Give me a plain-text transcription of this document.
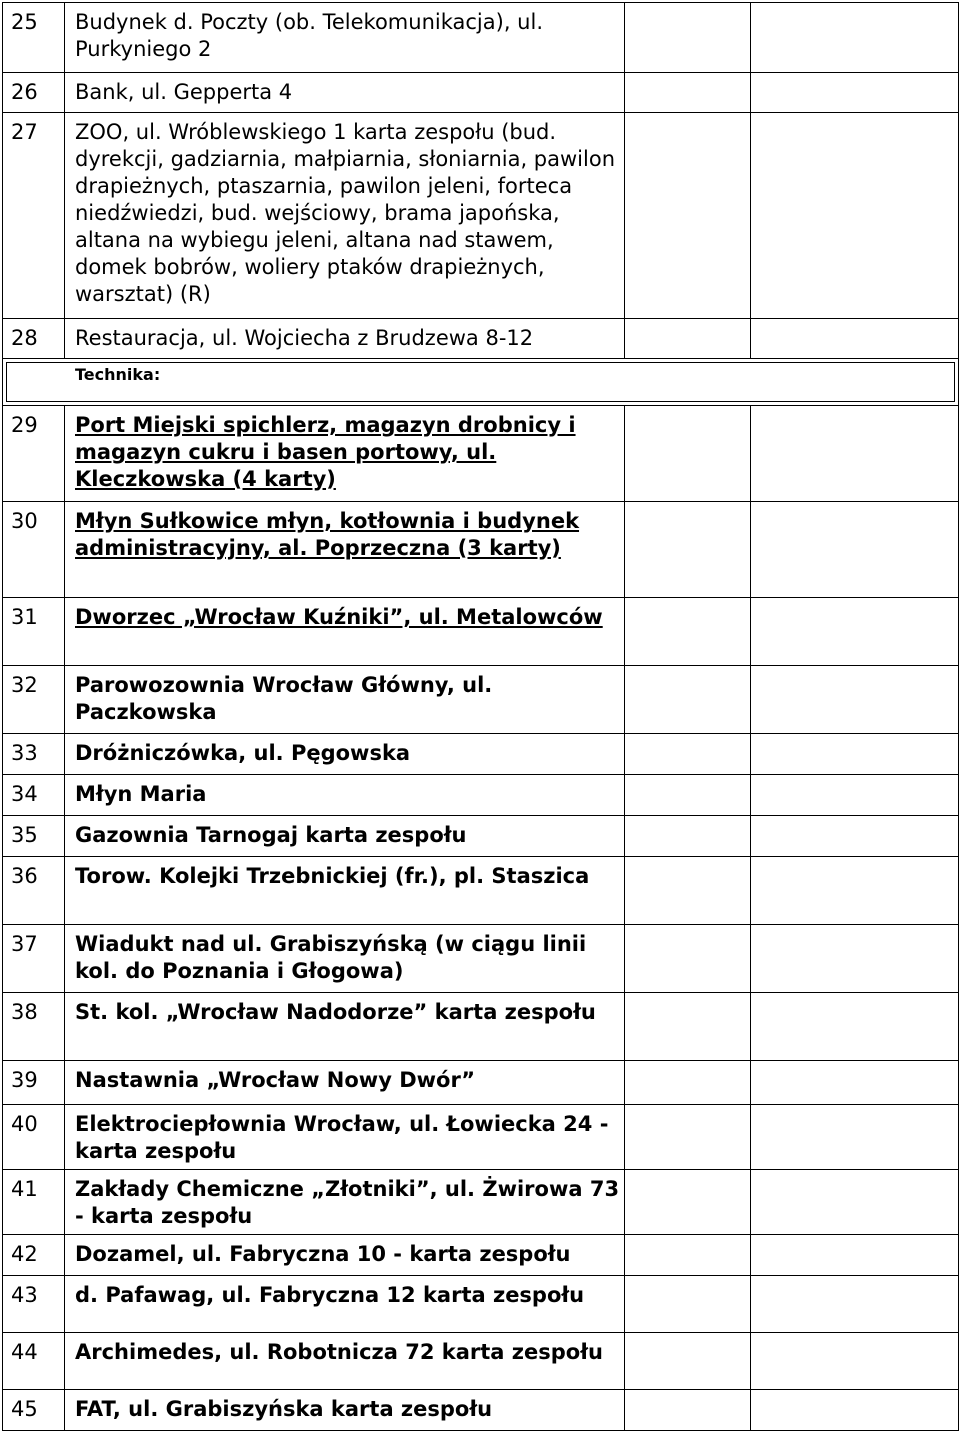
25	Budynek d. Poczty (ob. Telekomunikacja), ul. Purkyniego 2		
26	Bank, ul. Gepperta 4		
27	ZOO, ul. Wróblewskiego 1 karta zespołu (bud. dyrekcji, gadziarnia, małpiarnia, słoniarnia, pawilon drapieżnych, ptaszarnia, pawilon jeleni, forteca niedźwiedzi, bud. wejściowy, brama japońska, altana na wybiegu jeleni, altana nad stawem, domek bobrów, woliery ptaków drapieżnych, warsztat) (R)		
28	Restauracja, ul. Wojciecha z Brudzewa 8-12		

Technika:			

29	Port Miejski spichlerz, magazyn drobnicy i magazyn cukru i basen portowy, ul. Kleczkowska (4 karty)		
30	Młyn Sułkowice młyn, kotłownia i budynek administracyjny, al. Poprzeczna (3 karty)		
31	Dworzec „Wrocław Kuźniki”, ul. Metalowców		
32	Parowozownia Wrocław Główny, ul. Paczkowska		
33	Dróżniczówka, ul. Pęgowska		
34	Młyn Maria		
35	Gazownia Tarnogaj karta zespołu		
36	Torow. Kolejki Trzebnickiej (fr.), pl. Staszica		
37	Wiadukt nad ul. Grabiszyńską (w ciągu linii kol. do Poznania i Głogowa)		
38	St. kol. „Wrocław Nadodorze” karta zespołu		
39	Nastawnia „Wrocław Nowy Dwór”		
40	Elektrociepłownia Wrocław, ul. Łowiecka 24 - karta zespołu		
41	Zakłady Chemiczne „Złotniki”, ul. Żwirowa 73 - karta zespołu		
42	Dozamel, ul. Fabryczna 10 - karta zespołu		
43	d. Pafawag, ul. Fabryczna 12 karta zespołu		
44	Archimedes, ul. Robotnicza 72 karta zespołu		
45	FAT, ul. Grabiszyńska karta zespołu		
